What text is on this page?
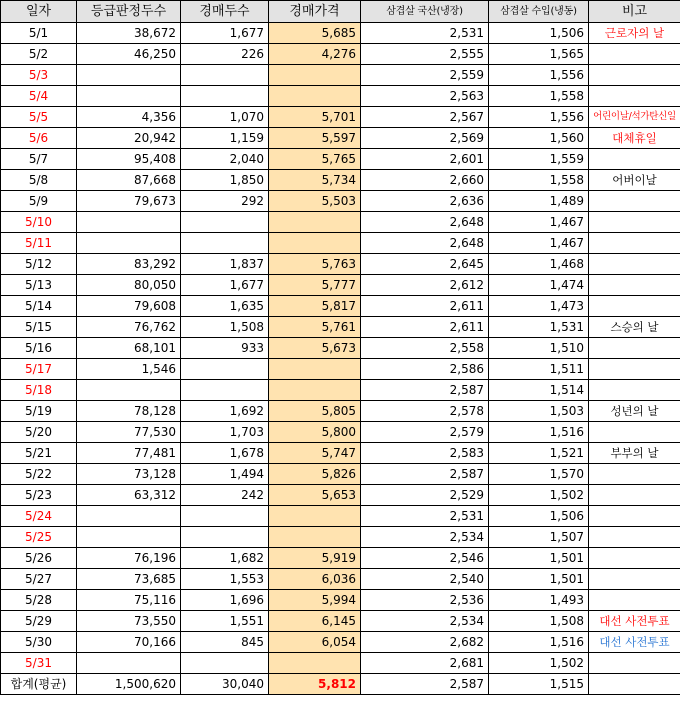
일자	등급판정두수	경매두수	경매가격	삼겹살 국산(냉장)	삼겹살 수입(냉동)	비고
5/1	38,672	1,677	5,685	2,531	1,506	근로자의 날
5/2	46,250	226	4,276	2,555	1,565	
5/3				2,559	1,556	
5/4				2,563	1,558	
5/5	4,356	1,070	5,701	2,567	1,556	어린이날/석가탄신일
5/6	20,942	1,159	5,597	2,569	1,560	대체휴일
5/7	95,408	2,040	5,765	2,601	1,559	
5/8	87,668	1,850	5,734	2,660	1,558	어버이날
5/9	79,673	292	5,503	2,636	1,489	
5/10				2,648	1,467	
5/11				2,648	1,467	
5/12	83,292	1,837	5,763	2,645	1,468	
5/13	80,050	1,677	5,777	2,612	1,474	
5/14	79,608	1,635	5,817	2,611	1,473	
5/15	76,762	1,508	5,761	2,611	1,531	스승의 날
5/16	68,101	933	5,673	2,558	1,510	
5/17	1,546			2,586	1,511	
5/18				2,587	1,514	
5/19	78,128	1,692	5,805	2,578	1,503	성년의 날
5/20	77,530	1,703	5,800	2,579	1,516	
5/21	77,481	1,678	5,747	2,583	1,521	부부의 날
5/22	73,128	1,494	5,826	2,587	1,570	
5/23	63,312	242	5,653	2,529	1,502	
5/24				2,531	1,506	
5/25				2,534	1,507	
5/26	76,196	1,682	5,919	2,546	1,501	
5/27	73,685	1,553	6,036	2,540	1,501	
5/28	75,116	1,696	5,994	2,536	1,493	
5/29	73,550	1,551	6,145	2,534	1,508	대선 사전투표
5/30	70,166	845	6,054	2,682	1,516	대선 사전투표
5/31				2,681	1,502	
합계(평균)	1,500,620	30,040	5,812	2,587	1,515	
